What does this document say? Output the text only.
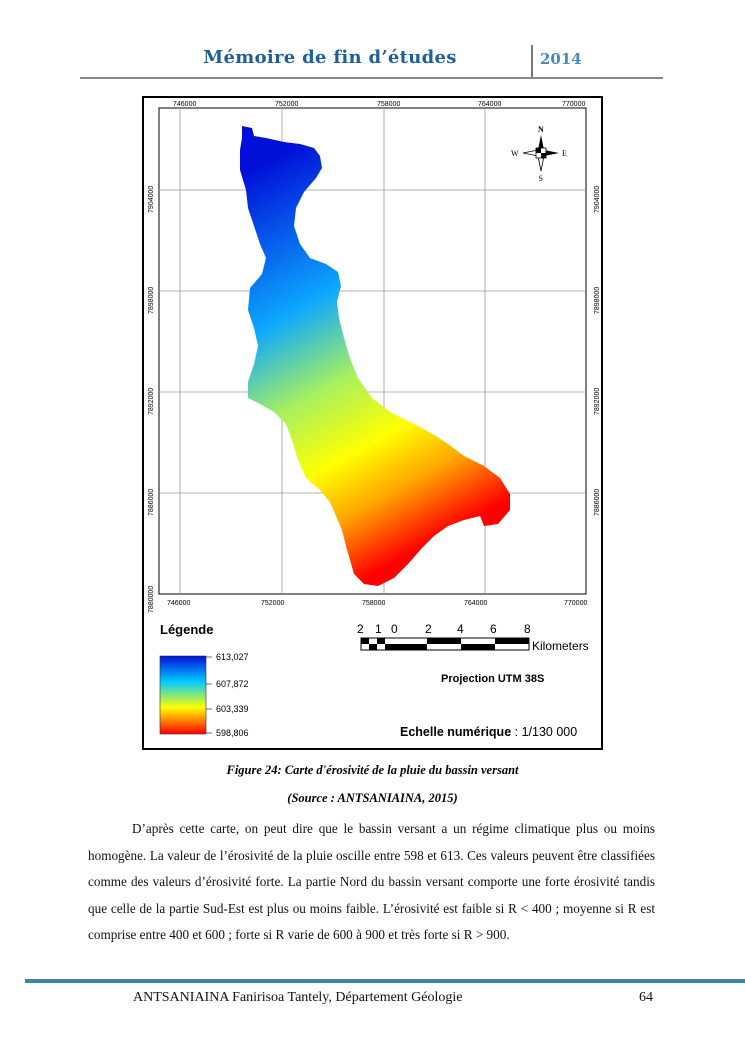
Mémoire de fin d’études	2014
746000	752000	758000	764000	770000
746000	752000	758000	764000	770000
7904000
7898000
7892000
7886000
7880000
7904000
7898000
7892000
7886000
N
S
E
W
Légende
613,027
607,872
603,339
598,806
2 1 0 2 4 6 8
Kilometers
Projection UTM 38S
Echelle numérique : 1/130 000
Figure 24: Carte d'érosivité de la pluie du bassin versant
(Source : ANTSANIAINA, 2015)

D’après cette carte, on peut dire que le bassin versant a un régime climatique plus ou moins homogène. La valeur de l’érosivité de la pluie oscille entre 598 et 613. Ces valeurs peuvent être classifiées comme des valeurs d’érosivité forte. La partie Nord du bassin versant comporte une forte érosivité tandis que celle de la partie Sud-Est est plus ou moins faible. L’érosivité est faible si R < 400 ; moyenne si R est comprise entre 400 et 600 ; forte si R varie de 600 à 900 et très forte si R > 900.

ANTSANIAINA Fanirisoa Tantely, Département Géologie	64
